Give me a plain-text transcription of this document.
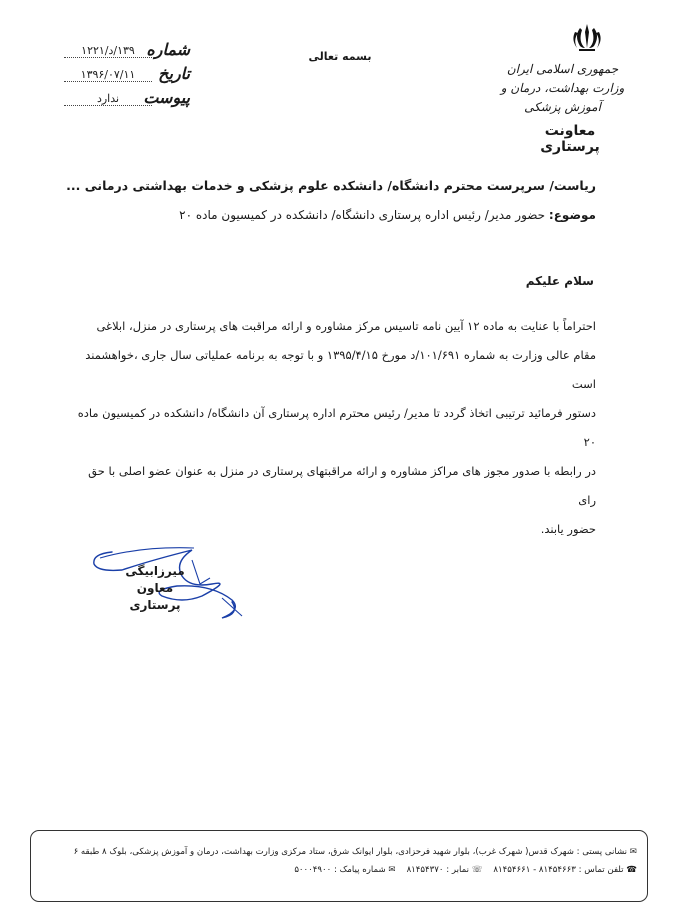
شماره
۱۳۹/د/۱۲۲۱
تاریخ
۱۳۹۶/۰۷/۱۱
پیوست
ندارد
بسمه تعالی
جمهوری اسلامی ایران
وزارت بهداشت، درمان و آموزش پزشکی
معاونت پرستاری
ریاست/ سرپرست محترم دانشگاه/ دانشکده علوم پزشکی و خدمات بهداشتی درمانی ...
موضوع: حضور مدیر/ رئیس اداره پرستاری دانشگاه/ دانشکده در کمیسیون ماده ۲۰
سلام علیکم

احتراماً با عنایت به ماده ۱۲ آیین نامه تاسیس مرکز مشاوره و ارائه مراقبت های پرستاری در منزل، ابلاغی

مقام عالی وزارت به شماره ۱۰۱/۶۹۱/د مورخ ۱۳۹۵/۴/۱۵ و با توجه به برنامه عملیاتی سال جاری ،خواهشمند است

دستور فرمائید ترتیبی اتخاذ گردد تا مدیر/ رئیس محترم اداره پرستاری آن دانشگاه/ دانشکده در کمیسیون ماده ۲۰

در رابطه با صدور مجوز های مراکز مشاوره و ارائه مراقبتهای پرستاری در منزل به عنوان عضو اصلی با حق رای

حضور یابند.

میرزابیگی
معاون پرستاری
✉ نشانی پستی : شهرک قدس( شهرک غرب)، بلوار شهید فرحزادی، بلوار ایوانک شرق، ستاد مرکزی وزارت بهداشت، درمان و آموزش پزشکی، بلوک ۸ طبقه ۶
☎ تلفن تماس : ۸۱۴۵۴۶۶۳ - ۸۱۴۵۴۶۶۱    ☏ نمابر : ۸۱۴۵۴۳۷۰    ✉ شماره پیامک : ۵۰۰۰۴۹۰۰
